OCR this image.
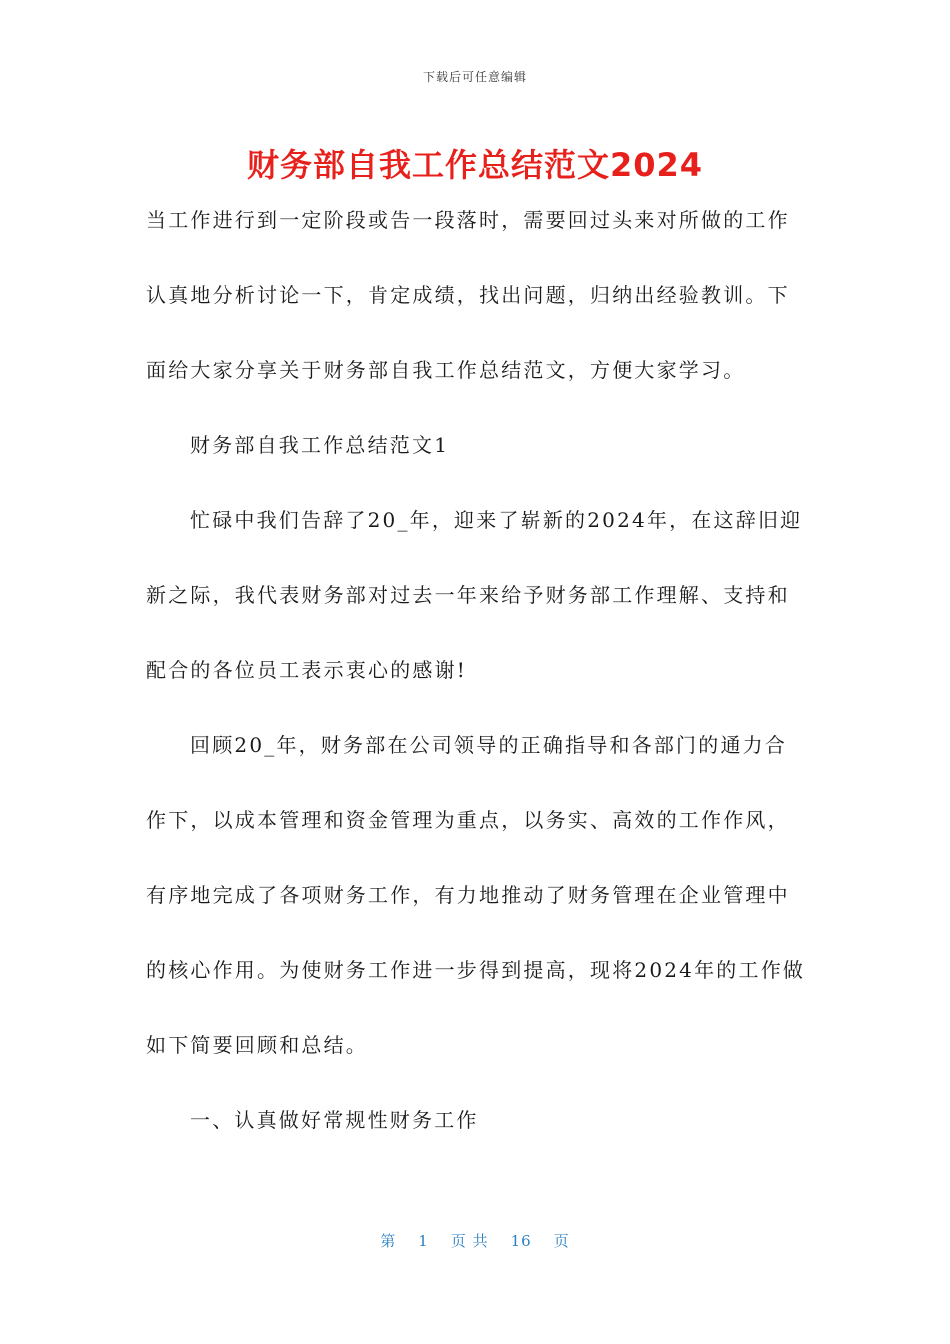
下载后可任意编辑
财务部自我工作总结范文2024
当工作进行到一定阶段或告一段落时，需要回过头来对所做的工作
认真地分析讨论一下，肯定成绩，找出问题，归纳出经验教训。下
面给大家分享关于财务部自我工作总结范文，方便大家学习。
财务部自我工作总结范文1
忙碌中我们告辞了20_年，迎来了崭新的2024年，在这辞旧迎
新之际，我代表财务部对过去一年来给予财务部工作理解、支持和
配合的各位员工表示衷心的感谢!
回顾20_年，财务部在公司领导的正确指导和各部门的通力合
作下，以成本管理和资金管理为重点，以务实、高效的工作作风，
有序地完成了各项财务工作，有力地推动了财务管理在企业管理中
的核心作用。为使财务工作进一步得到提高，现将2024年的工作做
如下简要回顾和总结。
一、认真做好常规性财务工作
第 1 页 共 16 页
